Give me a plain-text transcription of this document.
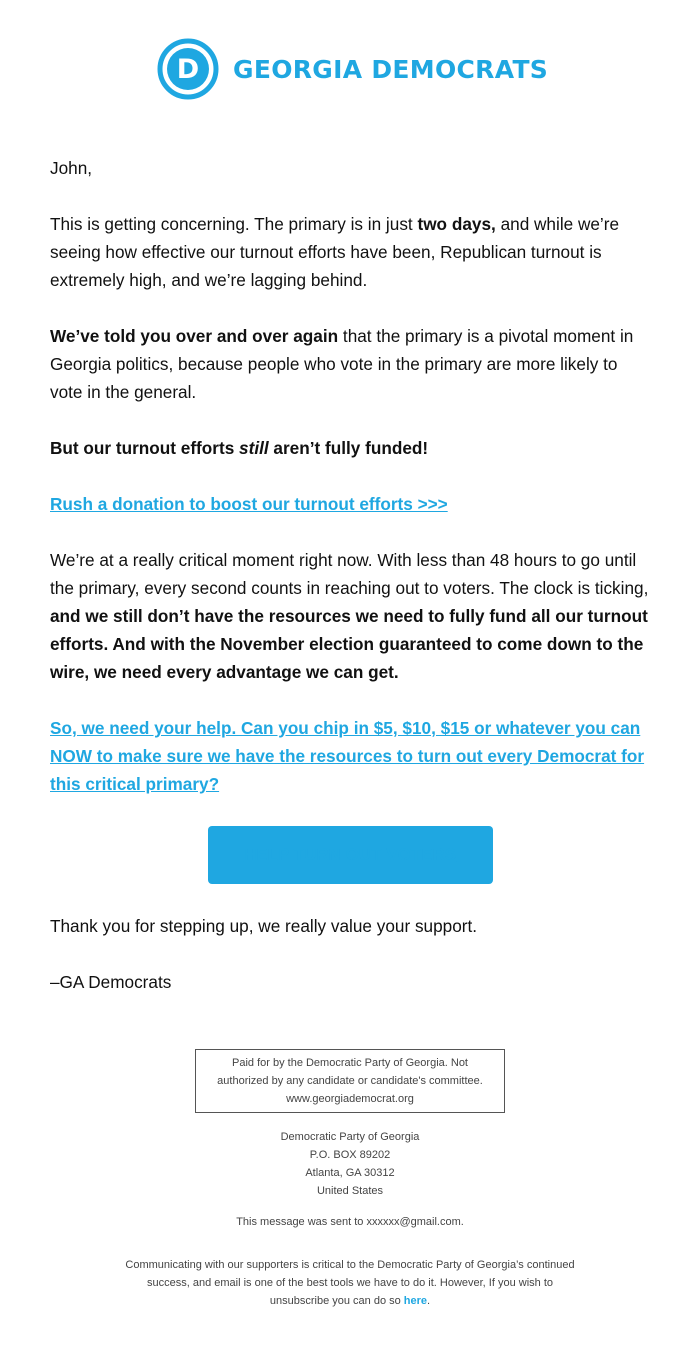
D GEORGIA DEMOCRATS

John,

This is getting concerning. The primary is in just two days, and while we’re seeing how effective our turnout efforts have been, Republican turnout is extremely high, and we’re lagging behind.

We’ve told you over and over again that the primary is a pivotal moment in Georgia politics, because people who vote in the primary are more likely to vote in the general.

But our turnout efforts still aren’t fully funded!

Rush a donation to boost our turnout efforts >>>

We’re at a really critical moment right now. With less than 48 hours to go until the primary, every second counts in reaching out to voters. The clock is ticking, and we still don’t have the resources we need to fully fund all our turnout efforts. And with the November election guaranteed to come down to the wire, we need every advantage we can get.

So, we need your help. Can you chip in $5, $10, $15 or whatever you can NOW to make sure we have the resources to turn out every Democrat for this critical primary?

HELP TURN OUT VOTERS

Thank you for stepping up, we really value your support.

–GA Democrats

Paid for by the Democratic Party of Georgia. Not
authorized by any candidate or candidate's committee.
www.georgiademocrat.org
Democratic Party of Georgia
P.O. BOX 89202
Atlanta, GA 30312
United States
This message was sent to xxxxxx@gmail.com.
Communicating with our supporters is critical to the Democratic Party of Georgia’s continued
success, and email is one of the best tools we have to do it. However, If you wish to
unsubscribe you can do so here.
